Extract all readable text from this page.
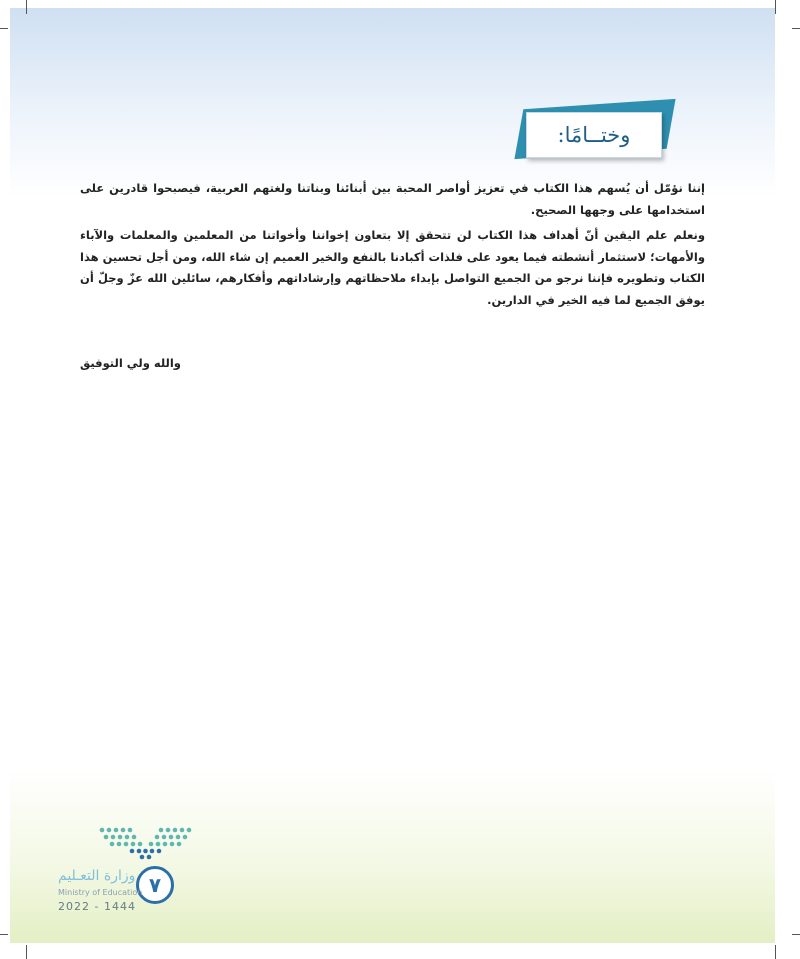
وختــامًا:

إننا نؤمّل أن يُسهم هذا الكتاب في تعزيز أواصر المحبة بين أبنائنا وبناتنا ولغتهم العربية، فيصبحوا قادرين على استخدامها على وجهها الصحيح.

ونعلم علم اليقين أنّ أهداف هذا الكتاب لن تتحقق إلا بتعاون إخواننا وأخواتنا من المعلمين والمعلمات والآباء والأمهات؛ لاستثمار أنشطته فيما يعود على فلذات أكبادنا بالنفع والخير العميم إن شاء الله، ومن أجل تحسين هذا الكتاب وتطويره فإننا نرجو من الجميع التواصل بإبداء ملاحظاتهم وإرشاداتهم وأفكارهم، سائلين الله عزّ وجلّ أن يوفق الجميع لما فيه الخير في الدارين.

والله ولي التوفيق
٧
وزارة التعـليم
Ministry of Education
2022 - 1444
